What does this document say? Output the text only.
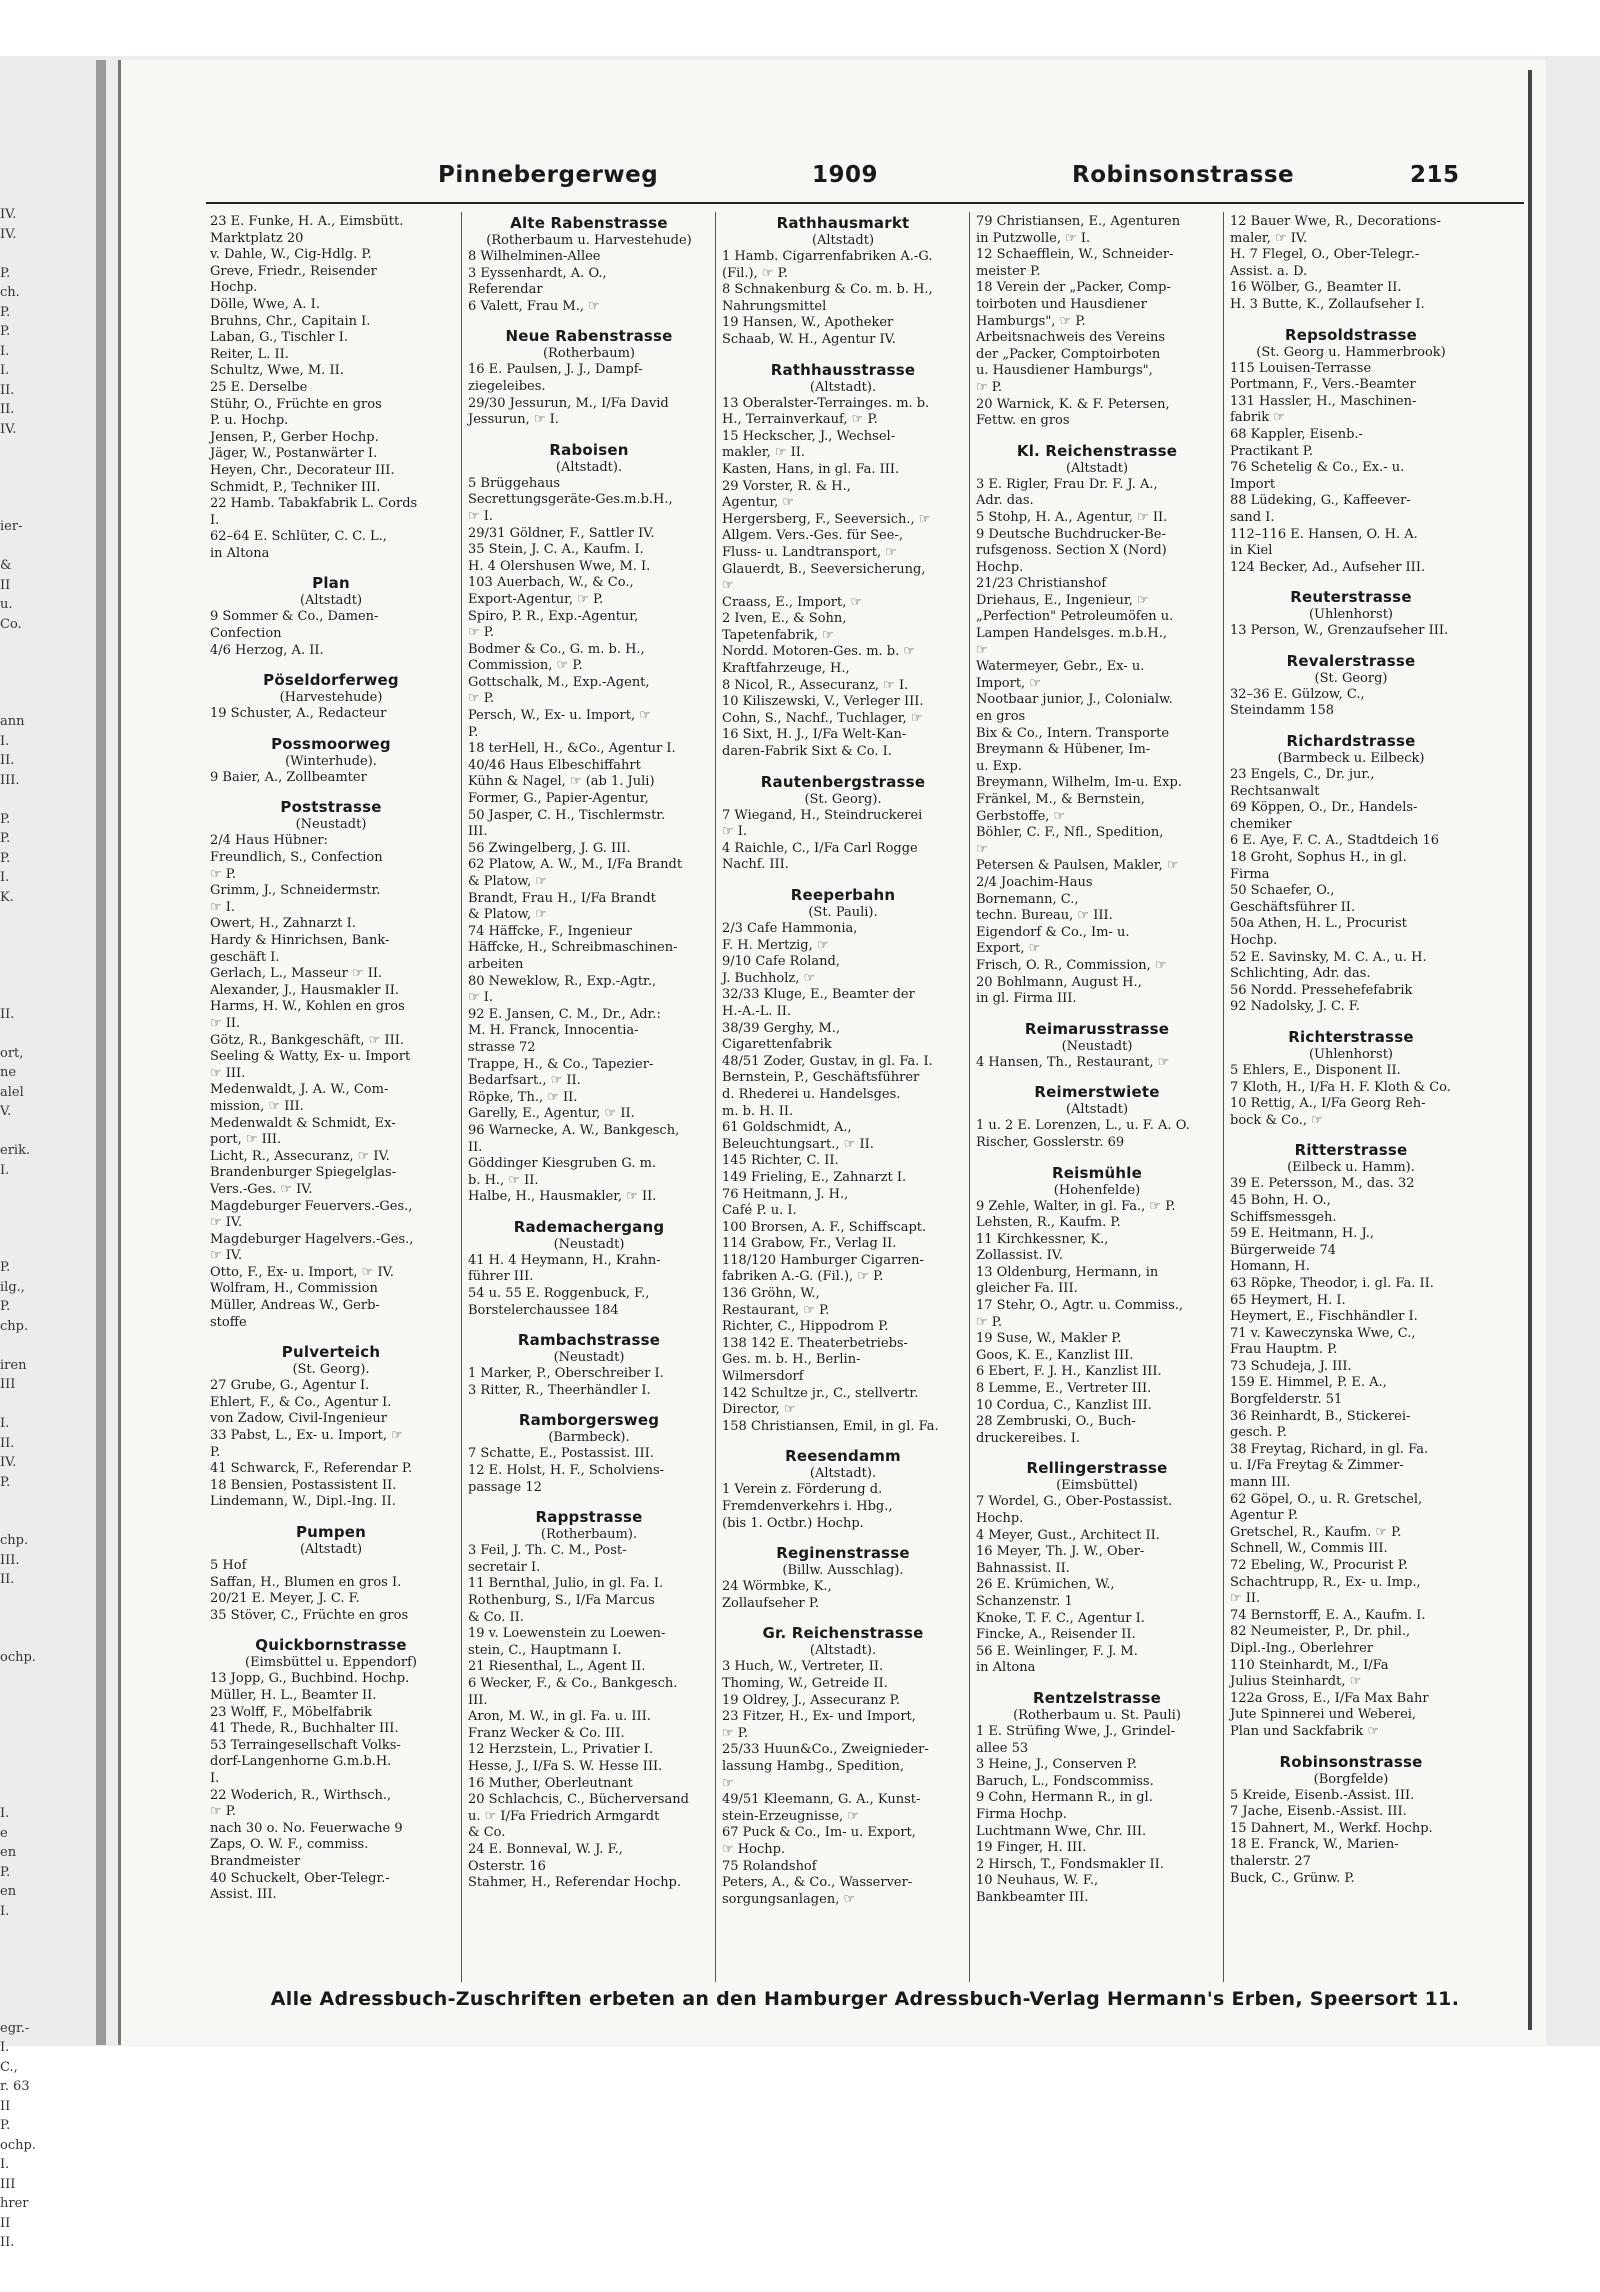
IV.
IV.
P.
ch.
P.
P.
I.
I.
II.
II.
IV.
ier-
&
II
u.
Co.
ann
I.
II.
III.
P.
P.
P.
I.
K.
II.
ort,
ne
alel
V.
erik.
I.
P.
ilg.,
P.
chp.
iren
III
I.
II.
IV.
P.
chp.
III.
II.
ochp.
I.
e
en
P.
en
I.
egr.-
I.
C.,
r. 63
II
P.
ochp.
I.
III
hrer
II
II.
Pinnebergerweg	1909	Robinsonstrasse	215
23 E. Funke, H. A., Eimsbütt.
Marktplatz 20
v. Dahle, W., Cig-Hdlg. P.
Greve, Friedr., Reisender
Hochp.
Dölle, Wwe, A. I.
Bruhns, Chr., Capitain I.
Laban, G., Tischler I.
Reiter, L. II.
Schultz, Wwe, M. II.
25 E. Derselbe
Stühr, O., Früchte en gros
P. u. Hochp.
Jensen, P., Gerber Hochp.
Jäger, W., Postanwärter I.
Heyen, Chr., Decorateur III.
Schmidt, P., Techniker III.
22 Hamb. Tabakfabrik L. Cords
I.
62–64 E. Schlüter, C. C. L.,
in Altona
Plan
(Altstadt)
9 Sommer & Co., Damen-
Confection
4/6 Herzog, A. II.
Pöseldorferweg
(Harvestehude)
19 Schuster, A., Redacteur
Possmoorweg
(Winterhude).
9 Baier, A., Zollbeamter
Poststrasse
(Neustadt)
2/4 Haus Hübner:
Freundlich, S., Confection
☞ P.
Grimm, J., Schneidermstr.
☞ I.
Owert, H., Zahnarzt I.
Hardy & Hinrichsen, Bank-
geschäft I.
Gerlach, L., Masseur ☞ II.
Alexander, J., Hausmakler II.
Harms, H. W., Kohlen en gros
☞ II.
Götz, R., Bankgeschäft, ☞ III.
Seeling & Watty, Ex- u. Import
☞ III.
Medenwaldt, J. A. W., Com-
mission, ☞ III.
Medenwaldt & Schmidt, Ex-
port, ☞ III.
Licht, R., Assecuranz, ☞ IV.
Brandenburger Spiegelglas-
Vers.-Ges. ☞ IV.
Magdeburger Feuervers.-Ges.,
☞ IV.
Magdeburger Hagelvers.-Ges.,
☞ IV.
Otto, F., Ex- u. Import, ☞ IV.
Wolfram, H., Commission
Müller, Andreas W., Gerb-
stoffe
Pulverteich
(St. Georg).
27 Grube, G., Agentur I.
Ehlert, F., & Co., Agentur I.
von Zadow, Civil-Ingenieur
33 Pabst, L., Ex- u. Import, ☞
P.
41 Schwarck, F., Referendar P.
18 Bensien, Postassistent II.
Lindemann, W., Dipl.-Ing. II.
Pumpen
(Altstadt)
5 Hof
Saffan, H., Blumen en gros I.
20/21 E. Meyer, J. C. F.
35 Stöver, C., Früchte en gros
Quickbornstrasse
(Eimsbüttel u. Eppendorf)
13 Jopp, G., Buchbind. Hochp.
Müller, H. L., Beamter II.
23 Wolff, F., Möbelfabrik
41 Thede, R., Buchhalter III.
53 Terraingesellschaft Volks-
dorf-Langenhorne G.m.b.H.
I.
22 Woderich, R., Wirthsch.,
☞ P.
nach 30 o. No. Feuerwache 9
Zaps, O. W. F., commiss.
Brandmeister
40 Schuckelt, Ober-Telegr.-
Assist. III.
Alte Rabenstrasse
(Rotherbaum u. Harvestehude)
8 Wilhelminen-Allee
3 Eyssenhardt, A. O.,
Referendar
6 Valett, Frau M., ☞
Neue Rabenstrasse
(Rotherbaum)
16 E. Paulsen, J. J., Dampf-
ziegeleibes.
29/30 Jessurun, M., I/Fa David
Jessurun, ☞ I.
Raboisen
(Altstadt).
5 Brüggehaus
Secrettungsgeräte-Ges.m.b.H.,
☞ I.
29/31 Göldner, F., Sattler IV.
35 Stein, J. C. A., Kaufm. I.
H. 4 Olershusen Wwe, M. I.
103 Auerbach, W., & Co.,
Export-Agentur, ☞ P.
Spiro, P. R., Exp.-Agentur,
☞ P.
Bodmer & Co., G. m. b. H.,
Commission, ☞ P.
Gottschalk, M., Exp.-Agent,
☞ P.
Persch, W., Ex- u. Import, ☞
P.
18 terHell, H., &Co., Agentur I.
40/46 Haus Elbeschiffahrt
Kühn & Nagel, ☞ (ab 1. Juli)
Former, G., Papier-Agentur,
50 Jasper, C. H., Tischlermstr.
III.
56 Zwingelberg, J. G. III.
62 Platow, A. W., M., I/Fa Brandt
& Platow, ☞
Brandt, Frau H., I/Fa Brandt
& Platow, ☞
74 Häffcke, F., Ingenieur
Häffcke, H., Schreibmaschinen-
arbeiten
80 Neweklow, R., Exp.-Agtr.,
☞ I.
92 E. Jansen, C. M., Dr., Adr.:
M. H. Franck, Innocentia-
strasse 72
Trappe, H., & Co., Tapezier-
Bedarfsart., ☞ II.
Röpke, Th., ☞ II.
Garelly, E., Agentur, ☞ II.
96 Warnecke, A. W., Bankgesch,
II.
Göddinger Kiesgruben G. m.
b. H., ☞ II.
Halbe, H., Hausmakler, ☞ II.
Rademachergang
(Neustadt)
41 H. 4 Heymann, H., Krahn-
führer III.
54 u. 55 E. Roggenbuck, F.,
Borstelerchaussee 184
Rambachstrasse
(Neustadt)
1 Marker, P., Oberschreiber I.
3 Ritter, R., Theerhändler I.
Ramborgersweg
(Barmbeck).
7 Schatte, E., Postassist. III.
12 E. Holst, H. F., Scholviens-
passage 12
Rappstrasse
(Rotherbaum).
3 Feil, J. Th. C. M., Post-
secretair I.
11 Bernthal, Julio, in gl. Fa. I.
Rothenburg, S., I/Fa Marcus
& Co. II.
19 v. Loewenstein zu Loewen-
stein, C., Hauptmann I.
21 Riesenthal, L., Agent II.
6 Wecker, F., & Co., Bankgesch.
III.
Aron, M. W., in gl. Fa. u. III.
Franz Wecker & Co. III.
12 Herzstein, L., Privatier I.
Hesse, J., I/Fa S. W. Hesse III.
16 Muther, Oberleutnant
20 Schlachcis, C., Bücherversand
u. ☞ I/Fa Friedrich Armgardt
& Co.
24 E. Bonneval, W. J. F.,
Osterstr. 16
Stahmer, H., Referendar Hochp.
Rathhausmarkt
(Altstadt)
1 Hamb. Cigarrenfabriken A.-G.
(Fil.), ☞ P.
8 Schnakenburg & Co. m. b. H.,
Nahrungsmittel
19 Hansen, W., Apotheker
Schaab, W. H., Agentur IV.
Rathhausstrasse
(Altstadt).
13 Oberalster-Terrainges. m. b.
H., Terrainverkauf, ☞ P.
15 Heckscher, J., Wechsel-
makler, ☞ II.
Kasten, Hans, in gl. Fa. III.
29 Vorster, R. & H.,
Agentur, ☞
Hergersberg, F., Seeversich., ☞
Allgem. Vers.-Ges. für See-,
Fluss- u. Landtransport, ☞
Glauerdt, B., Seeversicherung,
☞
Craass, E., Import, ☞
2 Iven, E., & Sohn,
Tapetenfabrik, ☞
Nordd. Motoren-Ges. m. b. ☞
Kraftfahrzeuge, H.,
8 Nicol, R., Assecuranz, ☞ I.
10 Kiliszewski, V., Verleger III.
Cohn, S., Nachf., Tuchlager, ☞
16 Sixt, H. J., I/Fa Welt-Kan-
daren-Fabrik Sixt & Co. I.
Rautenbergstrasse
(St. Georg).
7 Wiegand, H., Steindruckerei
☞ I.
4 Raichle, C., I/Fa Carl Rogge
Nachf. III.
Reeperbahn
(St. Pauli).
2/3 Cafe Hammonia,
F. H. Mertzig, ☞
9/10 Cafe Roland,
J. Buchholz, ☞
32/33 Kluge, E., Beamter der
H.-A.-L. II.
38/39 Gerghy, M.,
Cigarettenfabrik
48/51 Zoder, Gustav, in gl. Fa. I.
Bernstein, P., Geschäftsführer
d. Rhederei u. Handelsges.
m. b. H. II.
61 Goldschmidt, A.,
Beleuchtungsart., ☞ II.
145 Richter, C. II.
149 Frieling, E., Zahnarzt I.
76 Heitmann, J. H.,
Café P. u. I.
100 Brorsen, A. F., Schiffscapt.
114 Grabow, Fr., Verlag II.
118/120 Hamburger Cigarren-
fabriken A.-G. (Fil.), ☞ P.
136 Gröhn, W.,
Restaurant, ☞ P.
Richter, C., Hippodrom P.
138 142 E. Theaterbetriebs-
Ges. m. b. H., Berlin-
Wilmersdorf
142 Schultze jr., C., stellvertr.
Director, ☞
158 Christiansen, Emil, in gl. Fa.
Reesendamm
(Altstadt).
1 Verein z. Förderung d.
Fremdenverkehrs i. Hbg.,
(bis 1. Octbr.) Hochp.
Reginenstrasse
(Billw. Ausschlag).
24 Wörmbke, K.,
Zollaufseher P.
Gr. Reichenstrasse
(Altstadt).
3 Huch, W., Vertreter, II.
Thoming, W., Getreide II.
19 Oldrey, J., Assecuranz P.
23 Fitzer, H., Ex- und Import,
☞ P.
25/33 Huun&Co., Zweignieder-
lassung Hambg., Spedition,
☞
49/51 Kleemann, G. A., Kunst-
stein-Erzeugnisse, ☞
67 Puck & Co., Im- u. Export,
☞ Hochp.
75 Rolandshof
Peters, A., & Co., Wasserver-
sorgungsanlagen, ☞
79 Christiansen, E., Agenturen
in Putzwolle, ☞ I.
12 Schaefflein, W., Schneider-
meister P.
18 Verein der „Packer, Comp-
toirboten und Hausdiener
Hamburgs", ☞ P.
Arbeitsnachweis des Vereins
der „Packer, Comptoirboten
u. Hausdiener Hamburgs",
☞ P.
20 Warnick, K. & F. Petersen,
Fettw. en gros
Kl. Reichenstrasse
(Altstadt)
3 E. Rigler, Frau Dr. F. J. A.,
Adr. das.
5 Stohp, H. A., Agentur, ☞ II.
9 Deutsche Buchdrucker-Be-
rufsgenoss. Section X (Nord)
Hochp.
21/23 Christianshof
Driehaus, E., Ingenieur, ☞
„Perfection" Petroleumöfen u.
Lampen Handelsges. m.b.H.,
☞
Watermeyer, Gebr., Ex- u.
Import, ☞
Nootbaar junior, J., Colonialw.
en gros
Bix & Co., Intern. Transporte
Breymann & Hübener, Im-
u. Exp.
Breymann, Wilhelm, Im-u. Exp.
Fränkel, M., & Bernstein,
Gerbstoffe, ☞
Böhler, C. F., Nfl., Spedition,
☞
Petersen & Paulsen, Makler, ☞
2/4 Joachim-Haus
Bornemann, C.,
techn. Bureau, ☞ III.
Eigendorf & Co., Im- u.
Export, ☞
Frisch, O. R., Commission, ☞
20 Bohlmann, August H.,
in gl. Firma III.
Reimarusstrasse
(Neustadt)
4 Hansen, Th., Restaurant, ☞
Reimerstwiete
(Altstadt)
1 u. 2 E. Lorenzen, L., u. F. A. O.
Rischer, Gosslerstr. 69
Reismühle
(Hohenfelde)
9 Zehle, Walter, in gl. Fa., ☞ P.
Lehsten, R., Kaufm. P.
11 Kirchkessner, K.,
Zollassist. IV.
13 Oldenburg, Hermann, in
gleicher Fa. III.
17 Stehr, O., Agtr. u. Commiss.,
☞ P.
19 Suse, W., Makler P.
Goos, K. E., Kanzlist III.
6 Ebert, F. J. H., Kanzlist III.
8 Lemme, E., Vertreter III.
10 Cordua, C., Kanzlist III.
28 Zembruski, O., Buch-
druckereibes. I.
Rellingerstrasse
(Eimsbüttel)
7 Wordel, G., Ober-Postassist.
Hochp.
4 Meyer, Gust., Architect II.
16 Meyer, Th. J. W., Ober-
Bahnassist. II.
26 E. Krümichen, W.,
Schanzenstr. 1
Knoke, T. F. C., Agentur I.
Fincke, A., Reisender II.
56 E. Weinlinger, F. J. M.
in Altona
Rentzelstrasse
(Rotherbaum u. St. Pauli)
1 E. Strüfing Wwe, J., Grindel-
allee 53
3 Heine, J., Conserven P.
Baruch, L., Fondscommiss.
9 Cohn, Hermann R., in gl.
Firma Hochp.
Luchtmann Wwe, Chr. III.
19 Finger, H. III.
2 Hirsch, T., Fondsmakler II.
10 Neuhaus, W. F.,
Bankbeamter III.
12 Bauer Wwe, R., Decorations-
maler, ☞ IV.
H. 7 Flegel, O., Ober-Telegr.-
Assist. a. D.
16 Wölber, G., Beamter II.
H. 3 Butte, K., Zollaufseher I.
Repsoldstrasse
(St. Georg u. Hammerbrook)
115 Louisen-Terrasse
Portmann, F., Vers.-Beamter
131 Hassler, H., Maschinen-
fabrik ☞
68 Kappler, Eisenb.-
Practikant P.
76 Schetelig & Co., Ex.- u.
Import
88 Lüdeking, G., Kaffeever-
sand I.
112–116 E. Hansen, O. H. A.
in Kiel
124 Becker, Ad., Aufseher III.
Reuterstrasse
(Uhlenhorst)
13 Person, W., Grenzaufseher III.
Revalerstrasse
(St. Georg)
32–36 E. Gülzow, C.,
Steindamm 158
Richardstrasse
(Barmbeck u. Eilbeck)
23 Engels, C., Dr. jur.,
Rechtsanwalt
69 Köppen, O., Dr., Handels-
chemiker
6 E. Aye, F. C. A., Stadtdeich 16
18 Groht, Sophus H., in gl.
Firma
50 Schaefer, O.,
Geschäftsführer II.
50a Athen, H. L., Procurist
Hochp.
52 E. Savinsky, M. C. A., u. H.
Schlichting, Adr. das.
56 Nordd. Pressehefefabrik
92 Nadolsky, J. C. F.
Richterstrasse
(Uhlenhorst)
5 Ehlers, E., Disponent II.
7 Kloth, H., I/Fa H. F. Kloth & Co.
10 Rettig, A., I/Fa Georg Reh-
bock & Co., ☞
Ritterstrasse
(Eilbeck u. Hamm).
39 E. Petersson, M., das. 32
45 Bohn, H. O.,
Schiffsmessgeh.
59 E. Heitmann, H. J.,
Bürgerweide 74
Homann, H.
63 Röpke, Theodor, i. gl. Fa. II.
65 Heymert, H. I.
Heymert, E., Fischhändler I.
71 v. Kaweczynska Wwe, C.,
Frau Hauptm. P.
73 Schudeja, J. III.
159 E. Himmel, P. E. A.,
Borgfelderstr. 51
36 Reinhardt, B., Stickerei-
gesch. P.
38 Freytag, Richard, in gl. Fa.
u. I/Fa Freytag & Zimmer-
mann III.
62 Göpel, O., u. R. Gretschel,
Agentur P.
Gretschel, R., Kaufm. ☞ P.
Schnell, W., Commis III.
72 Ebeling, W., Procurist P.
Schachtrupp, R., Ex- u. Imp.,
☞ II.
74 Bernstorff, E. A., Kaufm. I.
82 Neumeister, P., Dr. phil.,
Dipl.-Ing., Oberlehrer
110 Steinhardt, M., I/Fa
Julius Steinhardt, ☞
122a Gross, E., I/Fa Max Bahr
Jute Spinnerei und Weberei,
Plan und Sackfabrik ☞
Robinsonstrasse
(Borgfelde)
5 Kreide, Eisenb.-Assist. III.
7 Jache, Eisenb.-Assist. III.
15 Dahnert, M., Werkf. Hochp.
18 E. Franck, W., Marien-
thalerstr. 27
Buck, C., Grünw. P.
Alle Adressbuch-Zuschriften erbeten an den Hamburger Adressbuch-Verlag Hermann's Erben, Speersort 11.
